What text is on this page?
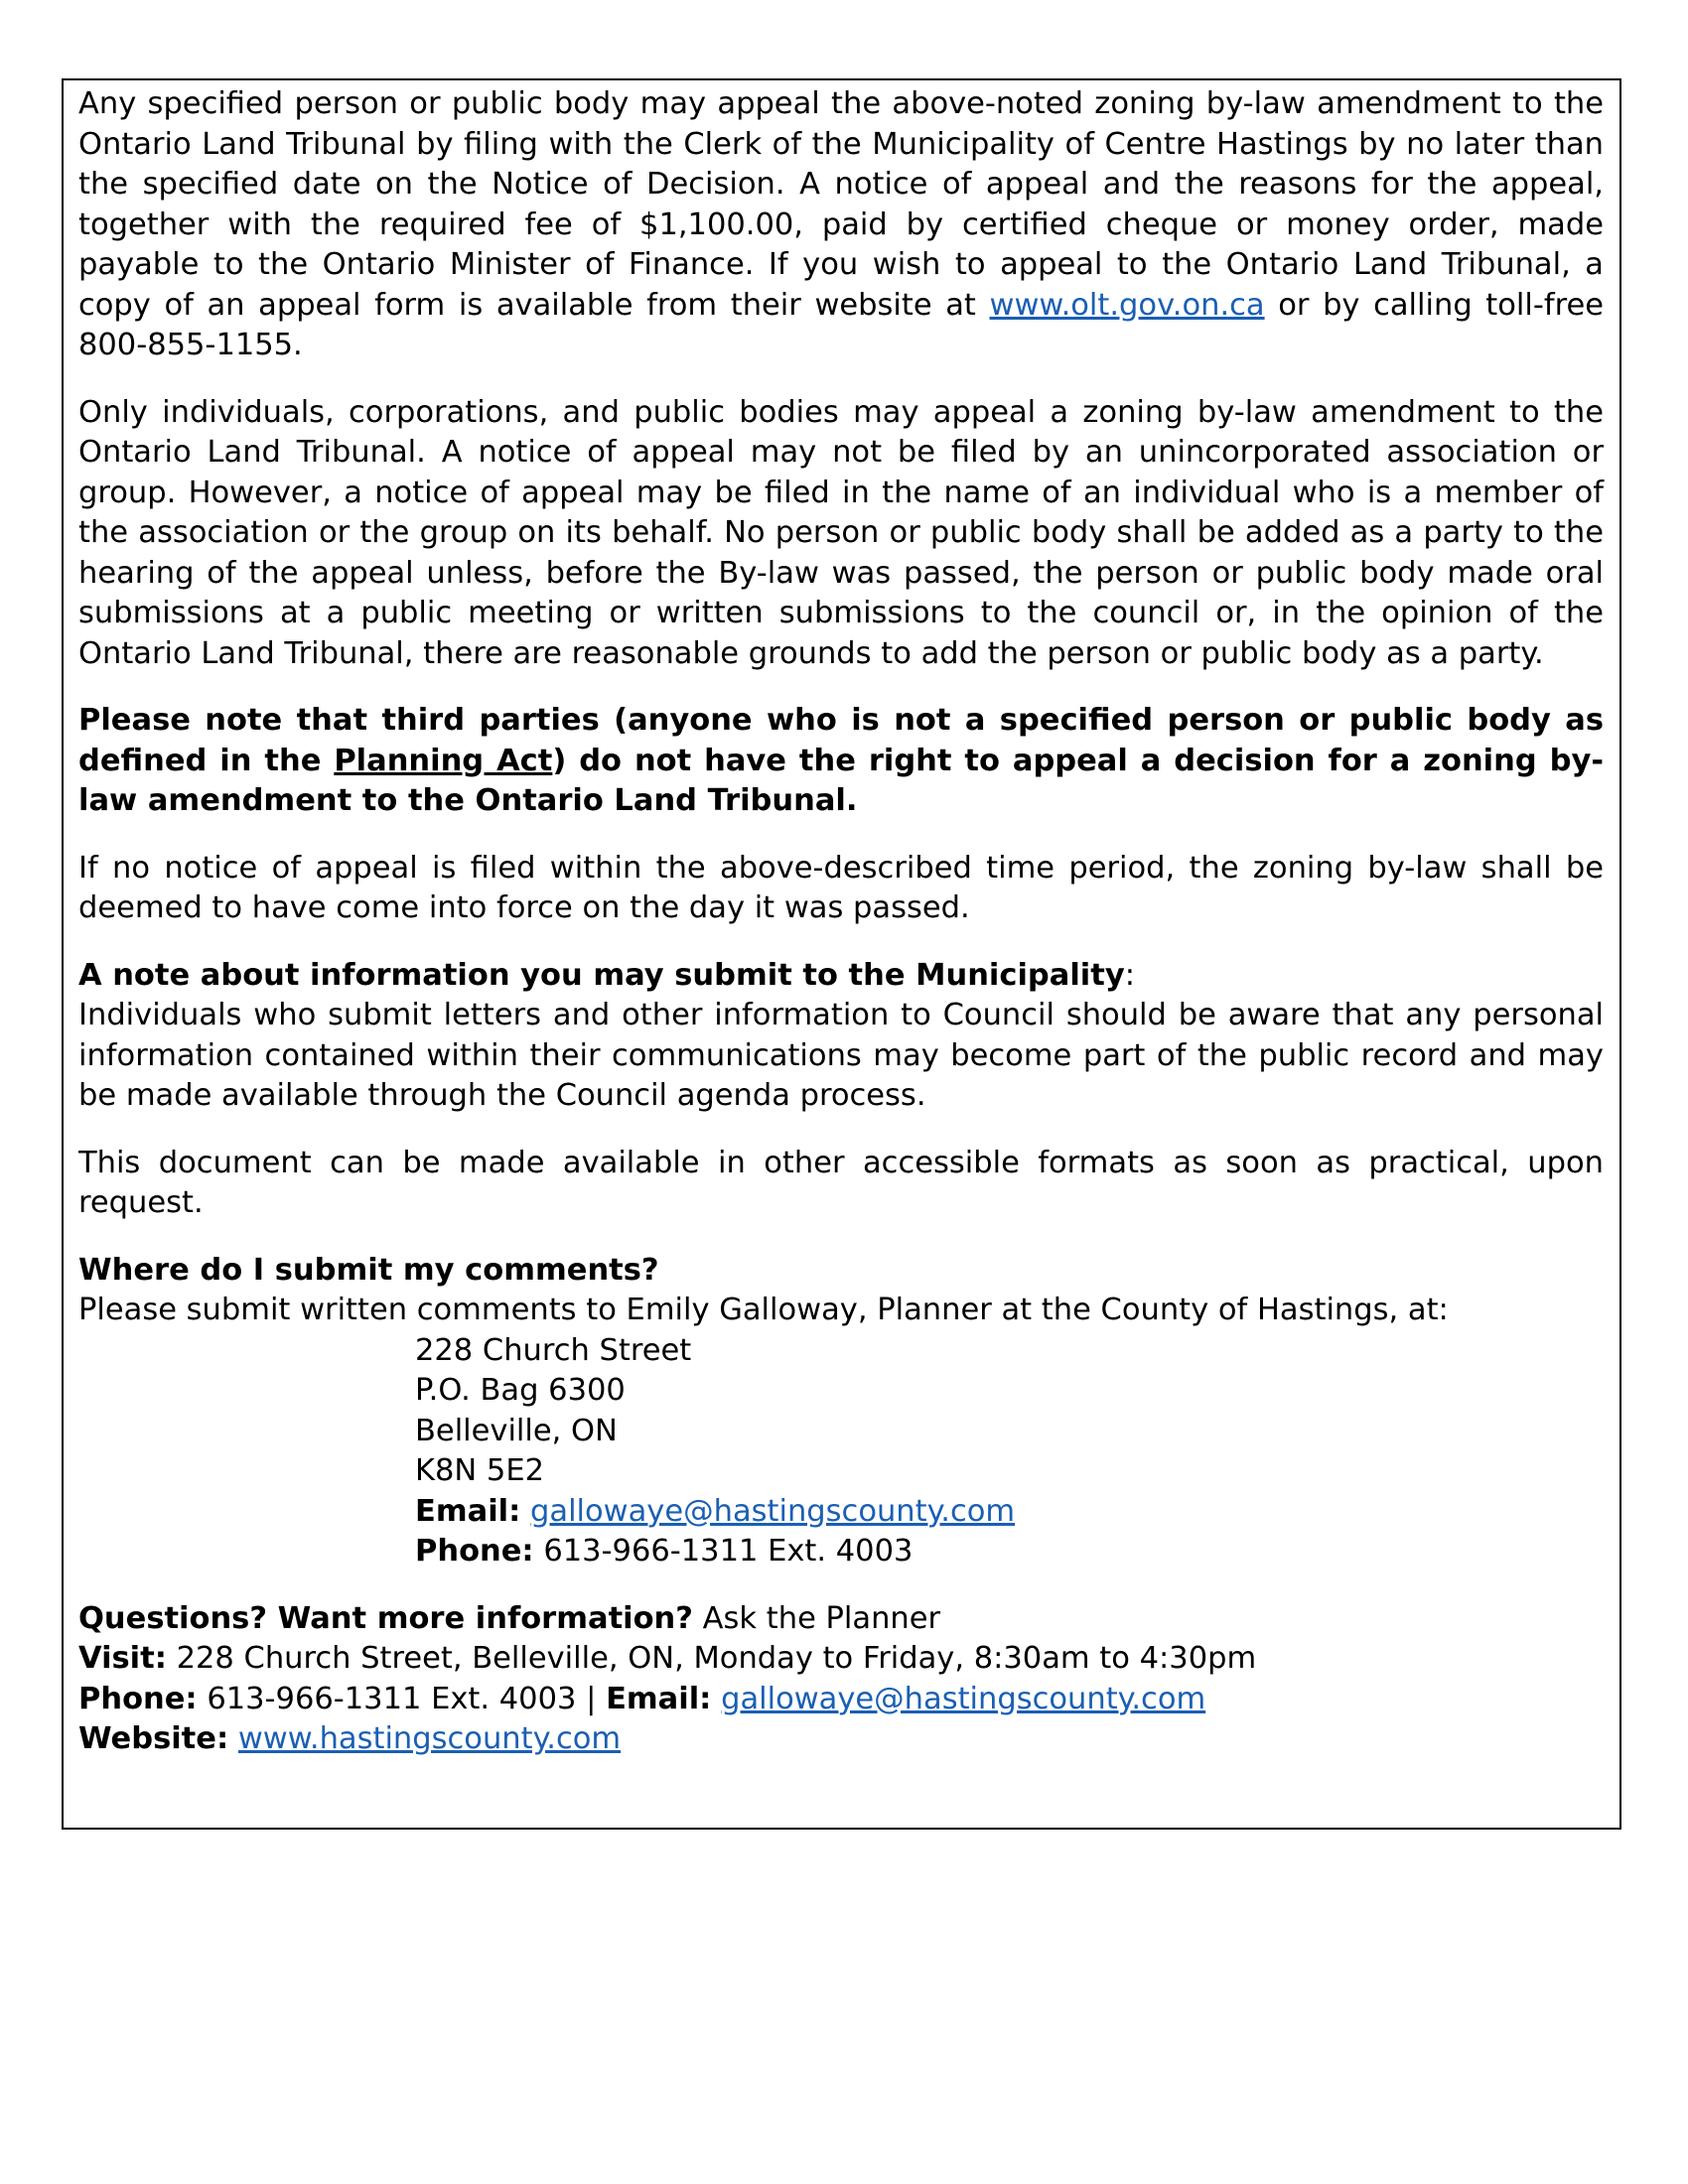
Any specified person or public body may appeal the above-noted zoning by-law amendment to the Ontario Land Tribunal by filing with the Clerk of the Municipality of Centre Hastings by no later than the specified date on the Notice of Decision. A notice of appeal and the reasons for the appeal, together with the required fee of $1,100.00, paid by certified cheque or money order, made payable to the Ontario Minister of Finance. If you wish to appeal to the Ontario Land Tribunal, a copy of an appeal form is available from their website at www.olt.gov.on.ca or by calling toll-free 800-855-1155.

Only individuals, corporations, and public bodies may appeal a zoning by-law amendment to the Ontario Land Tribunal. A notice of appeal may not be filed by an unincorporated association or group. However, a notice of appeal may be filed in the name of an individual who is a member of the association or the group on its behalf. No person or public body shall be added as a party to the hearing of the appeal unless, before the By-law was passed, the person or public body made oral submissions at a public meeting or written submissions to the council or, in the opinion of the Ontario Land Tribunal, there are reasonable grounds to add the person or public body as a party.

Please note that third parties (anyone who is not a specified person or public body as defined in the Planning Act) do not have the right to appeal a decision for a zoning by-law amendment to the Ontario Land Tribunal.

If no notice of appeal is filed within the above-described time period, the zoning by-law shall be deemed to have come into force on the day it was passed.

A note about information you may submit to the Municipality:
Individuals who submit letters and other information to Council should be aware that any personal information contained within their communications may become part of the public record and may be made available through the Council agenda process.

This document can be made available in other accessible formats as soon as practical, upon request.

Where do I submit my comments?
Please submit written comments to Emily Galloway, Planner at the County of Hastings, at:
228 Church Street
P.O. Bag 6300
Belleville, ON
K8N 5E2
Email: gallowaye@hastingscounty.com
Phone: 613-966-1311 Ext. 4003
Questions? Want more information? Ask the Planner
Visit: 228 Church Street, Belleville, ON, Monday to Friday, 8:30am to 4:30pm
Phone: 613-966-1311 Ext. 4003 | Email: gallowaye@hastingscounty.com
Website: www.hastingscounty.com
